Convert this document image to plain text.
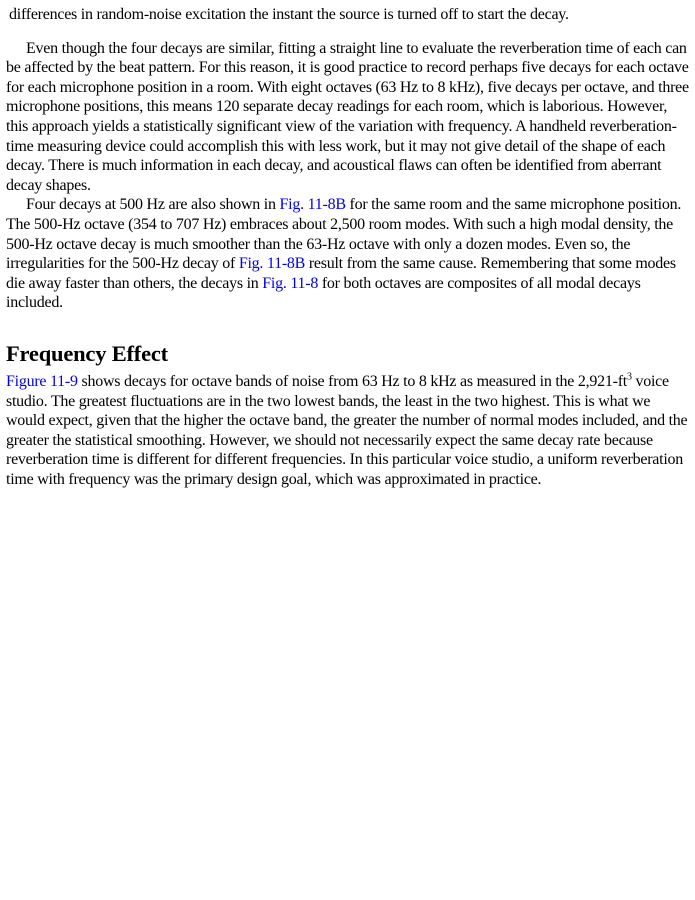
differences in random-noise excitation the instant the source is turned off to start the decay.

Even though the four decays are similar, fitting a straight line to evaluate the reverberation time of each can be affected by the beat pattern. For this reason, it is good practice to record perhaps five decays for each octave for each microphone position in a room. With eight octaves (63 Hz to 8 kHz), five decays per octave, and three microphone positions, this means 120 separate decay readings for each room, which is laborious. However, this approach yields a statistically significant view of the variation with frequency. A handheld reverberation-time measuring device could accomplish this with less work, but it may not give detail of the shape of each decay. There is much information in each decay, and acoustical flaws can often be identified from aberrant decay shapes.

Four decays at 500 Hz are also shown in Fig. 11-8B for the same room and the same microphone position. The 500-Hz octave (354 to 707 Hz) embraces about 2,500 room modes. With such a high modal density, the 500-Hz octave decay is much smoother than the 63-Hz octave with only a dozen modes. Even so, the irregularities for the 500-Hz decay of Fig. 11-8B result from the same cause. Remembering that some modes die away faster than others, the decays in Fig. 11-8 for both octaves are composites of all modal decays included.

Frequency Effect

Figure 11-9 shows decays for octave bands of noise from 63 Hz to 8 kHz as measured in the $2,921-ft^3$ voice studio. The greatest fluctuations are in the two lowest bands, the least in the two highest. This is what we would expect, given that the higher the octave band, the greater the number of normal modes included, and the greater the statistical smoothing. However, we should not necessarily expect the same decay rate because reverberation time is different for different frequencies. In this particular voice studio, a uniform reverberation time with frequency was the primary design goal, which was approximated in practice.
